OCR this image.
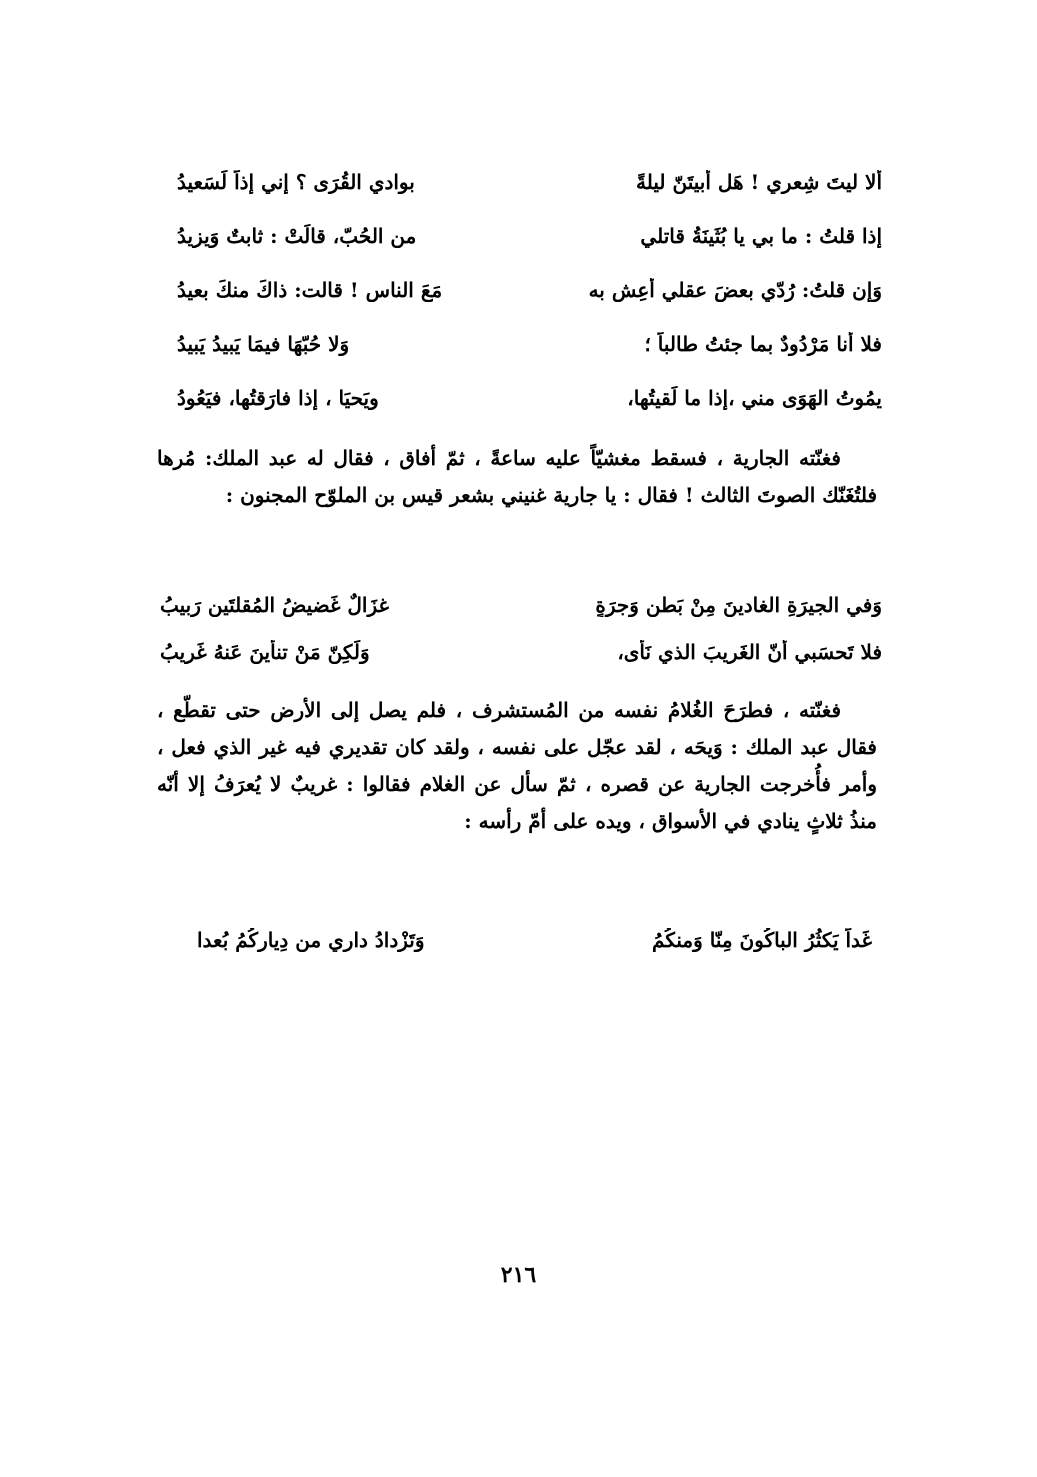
ألا ليتَ شِعري ! هَل أبيتَنّ ليلةً
بوادي القُرَى ؟ إني إذاً لَسَعيدُ
إذا قلتُ : ما بي يا بُثَينَةُ قاتلي
من الحُبّ، قالَتْ : ثابتٌ وَيزيدُ
وَإن قلتُ: رُدّي بعضَ عقلي أعِش به
مَعَ الناسِ ! قالت: ذاكَ منكَ بعيدُ
فلا أنا مَرْدُودٌ بما جئتُ طالباً ؛
وَلا حُبّهَا فيمَا يَبيدُ يَبيدُ
يمُوتُ الهَوَى مني ،إذا ما لَقيتُها،
ويَحيَا ، إذا فارَقتُها، فيَعُودُ

فغنّته الجارية ، فسقط مغشيّاً عليه ساعةً ، ثمّ أفاق ، فقال له عبد الملك: مُرها فلتُغَنّك الصوتَ الثالث ! فقال : يا جارية غنيني بشعر قيس بن الملوّح المجنون :

وَفي الجيرَةِ الغادينَ مِنْ بَطنِ وَجرَةٍ
غزَالٌ غَضيضُ المُقلتَينِ رَبيبُ
فلا تَحسَبي أنّ الغَريبَ الذي نَأى،
وَلَكِنّ مَنْ تنأينَ عَنهُ غَريبُ

فغنّته ، فطرَحَ الغُلامُ نفسه من المُستشرف ، فلم يصل إلى الأرض حتى تقطّع ، فقال عبد الملك : وَيحَه ، لقد عجّل على نفسه ، ولقد كان تقديري فيه غير الذي فعل ، وأمر فأُخرجت الجارية عن قصره ، ثمّ سأل عن الغلام فقالوا : غريبٌ لا يُعرَفُ إلا أنّه منذُ ثلاثٍ ينادي في الأسواق ، ويده على أمّ رأسه :

غَداً يَكثُرُ الباكُونَ مِنّا وَمنكُمُ
وَتَزْدادُ داري من دِيارِكُمُ بُعدا
٢١٦
